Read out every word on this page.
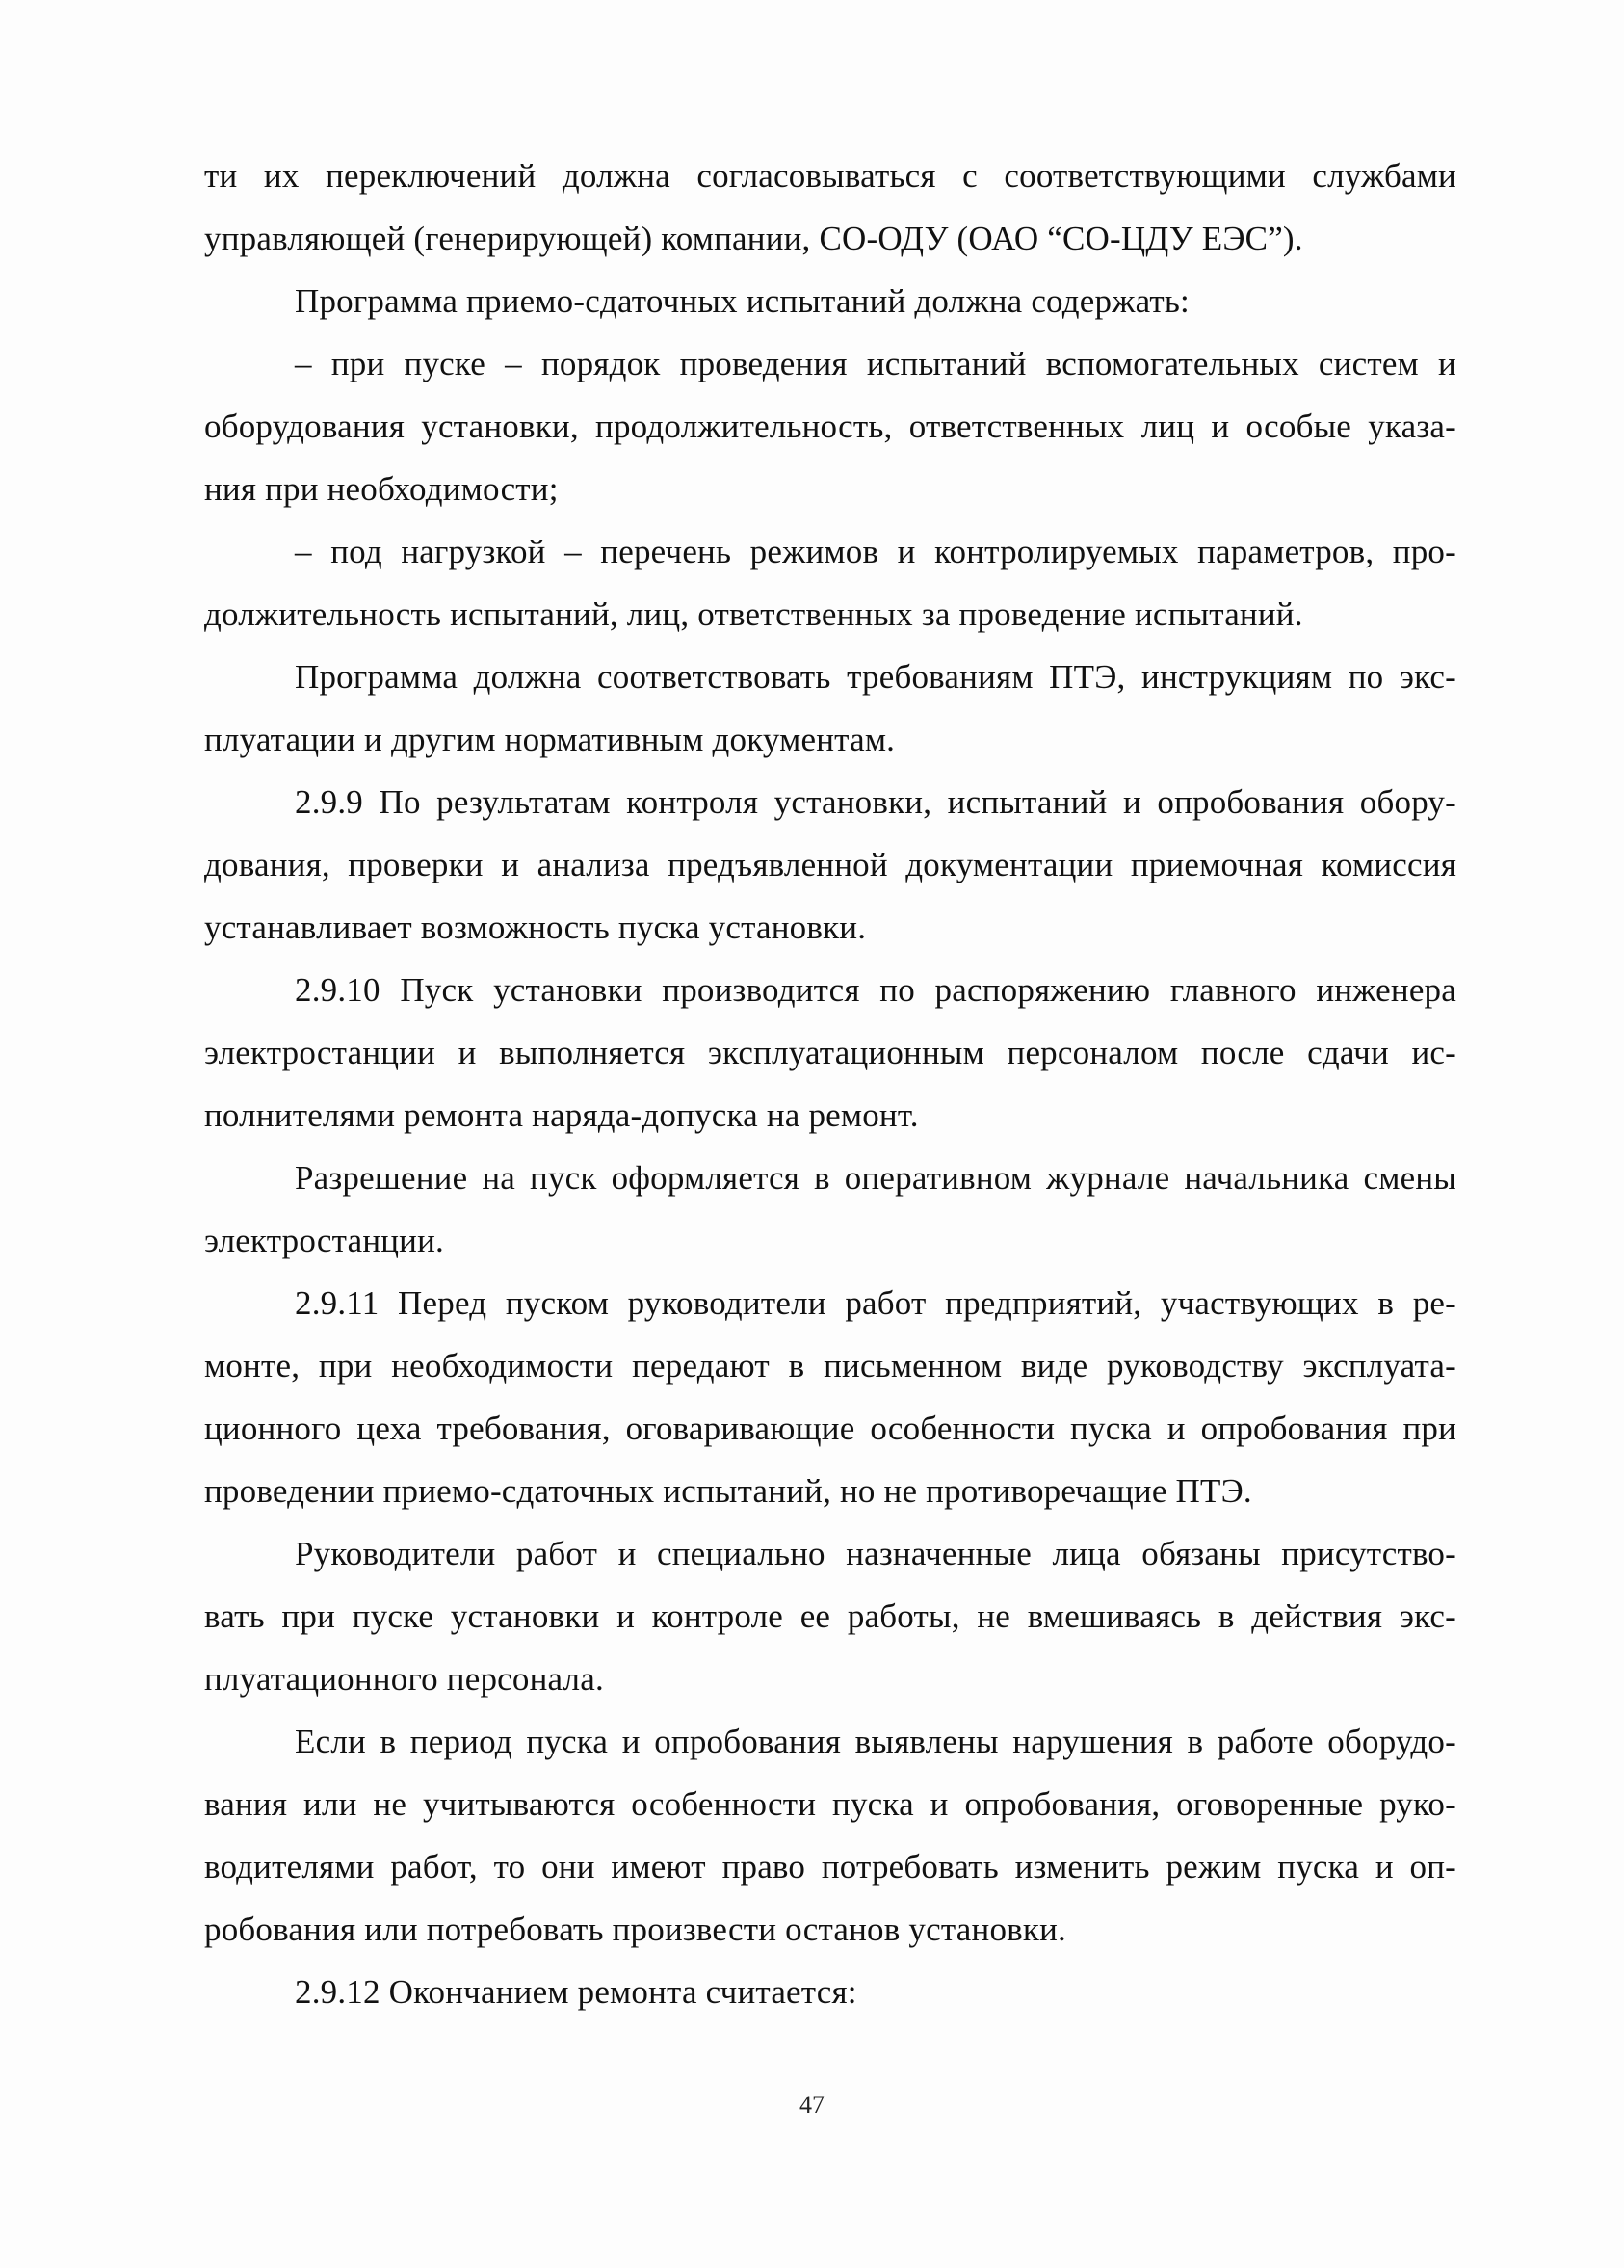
ти их переключений должна согласовываться с соответствующими службами
управляющей (генерирующей) компании, СО-ОДУ (ОАО “СО-ЦДУ ЕЭС”).
Программа приемо-сдаточных испытаний должна содержать:
– при пуске – порядок проведения испытаний вспомогательных систем и
оборудования установки, продолжительность, ответственных лиц и особые указа-
ния при необходимости;
– под нагрузкой – перечень режимов и контролируемых параметров, про-
должительность испытаний, лиц, ответственных за проведение испытаний.
Программа должна соответствовать требованиям ПТЭ, инструкциям по экс-
плуатации и другим нормативным документам.
2.9.9 По результатам контроля установки, испытаний и опробования обору-
дования, проверки и анализа предъявленной документации приемочная комиссия
устанавливает возможность пуска установки.
2.9.10 Пуск установки производится по распоряжению главного инженера
электростанции и выполняется эксплуатационным персоналом после сдачи ис-
полнителями ремонта наряда-допуска на ремонт.
Разрешение на пуск оформляется в оперативном журнале начальника смены
электростанции.
2.9.11 Перед пуском руководители работ предприятий, участвующих в ре-
монте, при необходимости передают в письменном виде руководству эксплуата-
ционного цеха требования, оговаривающие особенности пуска и опробования при
проведении приемо-сдаточных испытаний, но не противоречащие ПТЭ.
Руководители работ и специально назначенные лица обязаны присутство-
вать при пуске установки и контроле ее работы, не вмешиваясь в действия экс-
плуатационного персонала.
Если в период пуска и опробования выявлены нарушения в работе оборудо-
вания или не учитываются особенности пуска и опробования, оговоренные руко-
водителями работ, то они имеют право потребовать изменить режим пуска и оп-
робования или потребовать произвести останов установки.
2.9.12 Окончанием ремонта считается:
47
